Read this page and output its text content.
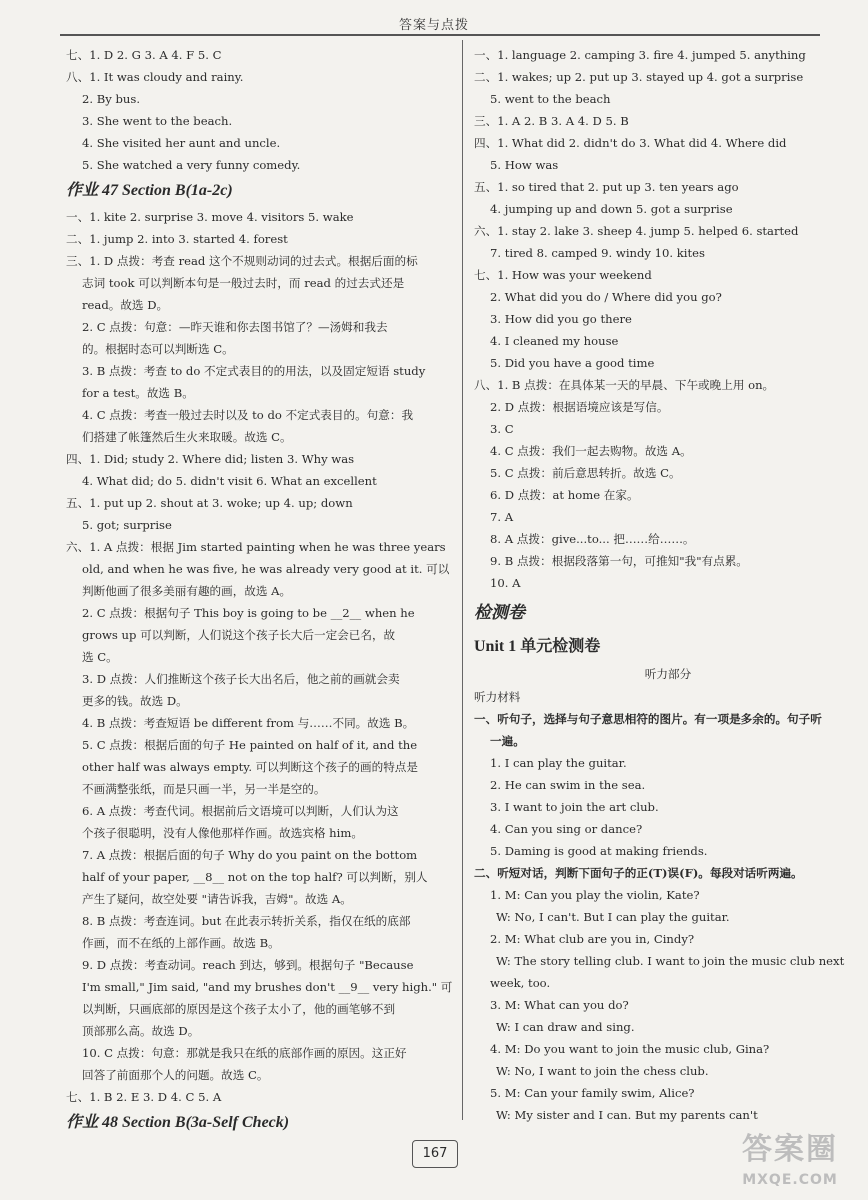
答案与点拨
七、1. D 2. G 3. A 4. F 5. C
八、1. It was cloudy and rainy.
2. By bus.
3. She went to the beach.
4. She visited her aunt and uncle.
5. She watched a very funny comedy.
作业 47 Section B(1a-2c)
一、1. kite 2. surprise 3. move 4. visitors 5. wake
二、1. jump 2. into 3. started 4. forest
三、1. D 点拨：考查 read 这个不规则动词的过去式。根据后面的标
志词 took 可以判断本句是一般过去时，而 read 的过去式还是
read。故选 D。
2. C 点拨：句意：—昨天谁和你去图书馆了？—汤姆和我去
的。根据时态可以判断选 C。
3. B 点拨：考查 to do 不定式表目的的用法，以及固定短语 study
for a test。故选 B。
4. C 点拨：考查一般过去时以及 to do 不定式表目的。句意：我
们搭建了帐篷然后生火来取暖。故选 C。
四、1. Did; study 2. Where did; listen 3. Why was
4. What did; do 5. didn't visit 6. What an excellent
五、1. put up 2. shout at 3. woke; up 4. up; down
5. got; surprise
六、1. A 点拨：根据 Jim started painting when he was three years
old, and when he was five, he was already very good at it. 可以
判断他画了很多美丽有趣的画，故选 A。
2. C 点拨：根据句子 This boy is going to be __2__ when he
grows up 可以判断，人们说这个孩子长大后一定会已名，故
选 C。
3. D 点拨：人们推断这个孩子长大出名后，他之前的画就会卖
更多的钱。故选 D。
4. B 点拨：考查短语 be different from 与……不同。故选 B。
5. C 点拨：根据后面的句子 He painted on half of it, and the
other half was always empty. 可以判断这个孩子的画的特点是
不画满整张纸，而是只画一半，另一半是空的。
6. A 点拨：考查代词。根据前后文语境可以判断，人们认为这
个孩子很聪明，没有人像他那样作画。故选宾格 him。
7. A 点拨：根据后面的句子 Why do you paint on the bottom
half of your paper, __8__ not on the top half? 可以判断，别人
产生了疑问，故空处要 "请告诉我，吉姆"。故选 A。
8. B 点拨：考查连词。but 在此表示转折关系，指仅在纸的底部
作画，而不在纸的上部作画。故选 B。
9. D 点拨：考查动词。reach 到达，够到。根据句子 "Because
I'm small," Jim said, "and my brushes don't __9__ very high." 可
以判断，只画底部的原因是这个孩子太小了，他的画笔够不到
顶部那么高。故选 D。
10. C 点拨：句意：那就是我只在纸的底部作画的原因。这正好
回答了前面那个人的问题。故选 C。
七、1. B 2. E 3. D 4. C 5. A
作业 48 Section B(3a-Self Check)
一、1. language 2. camping 3. fire 4. jumped 5. anything
二、1. wakes; up 2. put up 3. stayed up 4. got a surprise
5. went to the beach
三、1. A 2. B 3. A 4. D 5. B
四、1. What did 2. didn't do 3. What did 4. Where did
5. How was
五、1. so tired that 2. put up 3. ten years ago
4. jumping up and down 5. got a surprise
六、1. stay 2. lake 3. sheep 4. jump 5. helped 6. started
7. tired 8. camped 9. windy 10. kites
七、1. How was your weekend
2. What did you do / Where did you go?
3. How did you go there
4. I cleaned my house
5. Did you have a good time
八、1. B 点拨：在具体某一天的早晨、下午或晚上用 on。
2. D 点拨：根据语境应该是写信。
3. C
4. C 点拨：我们一起去购物。故选 A。
5. C 点拨：前后意思转折。故选 C。
6. D 点拨：at home 在家。
7. A
8. A 点拨：give...to... 把……给……。
9. B 点拨：根据段落第一句，可推知"我"有点累。
10. A
检测卷
Unit 1 单元检测卷
听力部分
听力材料
一、听句子，选择与句子意思相符的图片。有一项是多余的。句子听
一遍。
1. I can play the guitar.
2. He can swim in the sea.
3. I want to join the art club.
4. Can you sing or dance?
5. Daming is good at making friends.
二、听短对话，判断下面句子的正(T)误(F)。每段对话听两遍。
1. M: Can you play the violin, Kate?
W: No, I can't. But I can play the guitar.
2. M: What club are you in, Cindy?
W: The story telling club. I want to join the music club next
week, too.
3. M: What can you do?
W: I can draw and sing.
4. M: Do you want to join the music club, Gina?
W: No, I want to join the chess club.
5. M: Can your family swim, Alice?
W: My sister and I can. But my parents can't
167	答案圈
MXQE.COM
